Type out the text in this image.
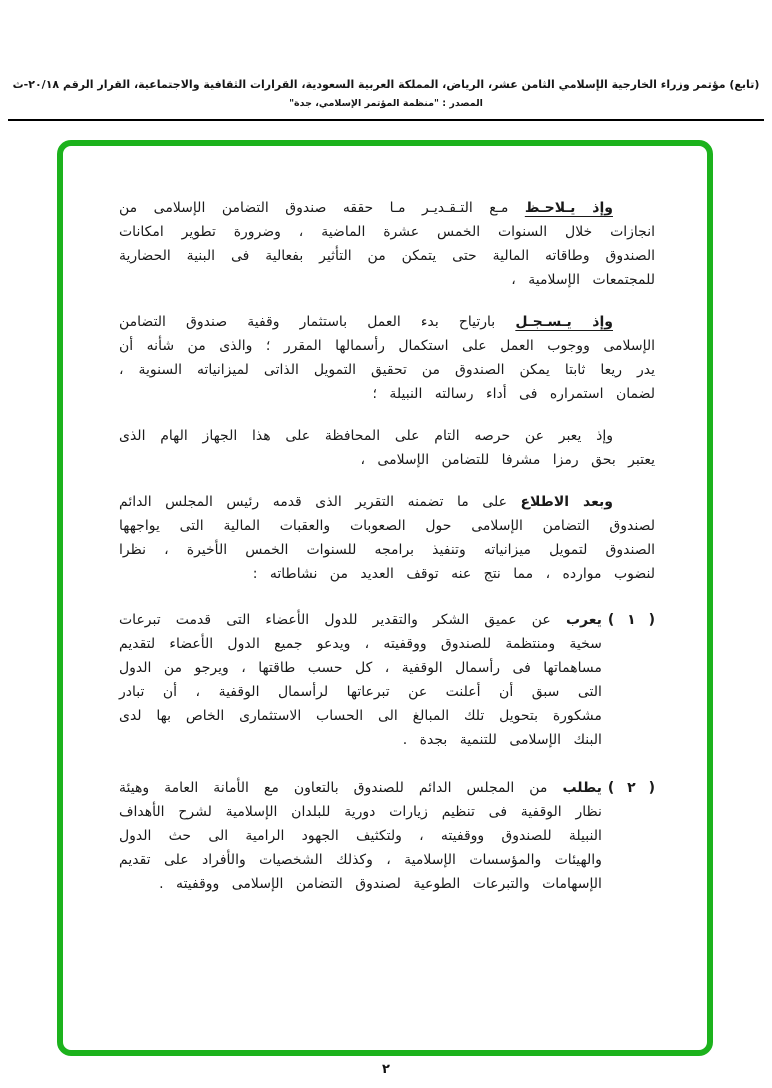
(تابع) مؤتمر وزراء الخارجية الإسلامي الثامن عشر، الرياض، المملكة العربية السعودية، القرارات الثقافية والاجتماعية، القرار الرقم ٢٠/١٨-ث
المصدر : "منظمة المؤتمر الإسلامي، جدة"

وإذ يـلاحـظ مـع التـقـديـر مـا حققه صندوق التضامن الإسلامى من انجازات خلال السنوات الخمس عشرة الماضية ، وضرورة تطوير امكانات الصندوق وطاقاته المالية حتى يتمكن من التأثير بفعالية فى البنية الحضارية للمجتمعات الإسلامية ،

وإذ يـسـجـل بارتياح بدء العمل باستثمار وقفية صندوق التضامن الإسلامى ووجوب العمل على استكمال رأسمالها المقرر ؛ والذى من شأنه أن يدر ريعا ثابتا يمكن الصندوق من تحقيق التمويل الذاتى لميزانياته السنوية ، لضمان استمراره فى أداء رسالته النبيلة ؛

وإذ يعبر عن حرصه التام على المحافظة على هذا الجهاز الهام الذى يعتبر بحق رمزا مشرفا للتضامن الإسلامى ،

وبعد الاطلاع على ما تضمنه التقرير الذى قدمه رئيس المجلس الدائم لصندوق التضامن الإسلامى حول الصعوبات والعقبات المالية التى يواجهها الصندوق لتمويل ميزانياته وتنفيذ برامجه للسنوات الخمس الأخيرة ، نظرا لنضوب موارده ، مما نتج عنه توقف العديد من نشاطاته :

( ١ )

يعرب عن عميق الشكر والتقدير للدول الأعضاء التى قدمت تبرعات سخية ومنتظمة للصندوق ووقفيته ، ويدعو جميع الدول الأعضاء لتقديم مساهماتها فى رأسمال الوقفية ، كل حسب طاقتها ، ويرجو من الدول التى سبق أن أعلنت عن تبرعاتها لرأسمال الوقفية ، أن تبادر مشكورة بتحويل تلك المبالغ الى الحساب الاستثمارى الخاص بها لدى البنك الإسلامى للتنمية بجدة .

( ٢ )

يطلب من المجلس الدائم للصندوق بالتعاون مع الأمانة العامة وهيئة نظار الوقفية فى تنظيم زيارات دورية للبلدان الإسلامية لشرح الأهداف النبيلة للصندوق ووقفيته ، ولتكثيف الجهود الرامية الى حث الدول والهيئات والمؤسسات الإسلامية ، وكذلك الشخصيات والأفراد على تقديم الإسهامات والتبرعات الطوعية لصندوق التضامن الإسلامى ووقفيته .

٢
